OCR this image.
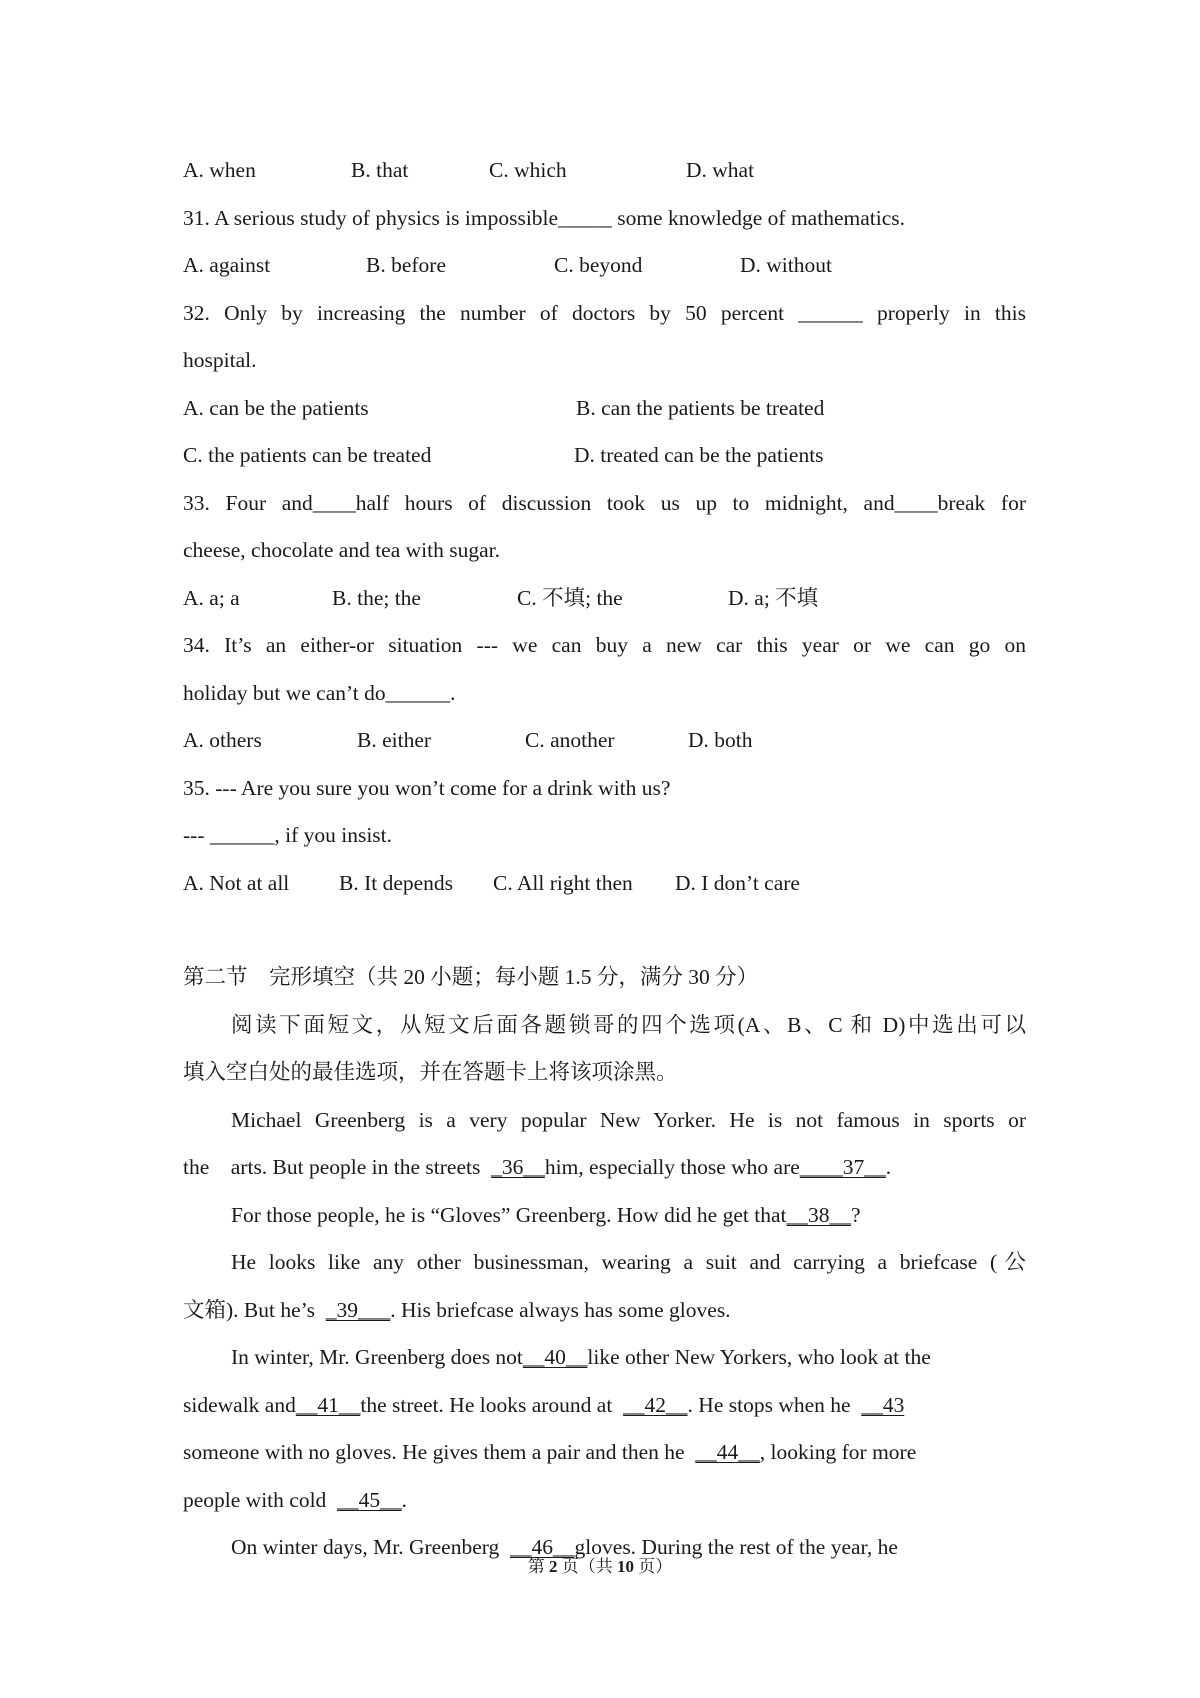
A. when	B. that	C. which	D. what
31. A serious study of physics is impossible_____ some knowledge of mathematics.
A. against	B. before	C. beyond	D. without
32. Only by increasing the number of doctors by 50 percent ______ properly in this
hospital.
A. can be the patients	B. can the patients be treated
C. the patients can be treated	D. treated can be the patients
33. Four and____half hours of discussion took us up to midnight, and____break for
cheese, chocolate and tea with sugar.
A. a; a	B. the; the	C. 不填; the	D. a; 不填
34. It’s an either-or situation --- we can buy a new car this year or we can go on
holiday but we can’t do______.
A. others	B. either	C. another	D. both
35. --- Are you sure you won’t come for a drink with us?
--- ______, if you insist.
A. Not at all B. It depends C. All right then D. I don’t care
第二节　完形填空（共 20 小题；每小题 1.5 分，满分 30 分）
阅读下面短文，从短文后面各题锁哥的四个选项(A、B、C 和 D)中选出可以
填入空白处的最佳选项，并在答题卡上将该项涂黑。
Michael Greenberg is a very popular New Yorker. He is not famous in sports or
the    arts. But people in the streets  _36__him, especially those who are____37__.
For those people, he is “Gloves” Greenberg. How did he get that__38__?
He looks like any other businessman, wearing a suit and carrying a briefcase (公
文箱). But he’s  _39___. His briefcase always has some gloves.
In winter, Mr. Greenberg does not__40__like other New Yorkers, who look at the
sidewalk and__41__the street. He looks around at  __42__. He stops when he  __43
someone with no gloves. He gives them a pair and then he  __44__, looking for more
people with cold  __45__.
On winter days, Mr. Greenberg  __46__gloves. During the rest of the year, he
第 2 页（共 10 页）
